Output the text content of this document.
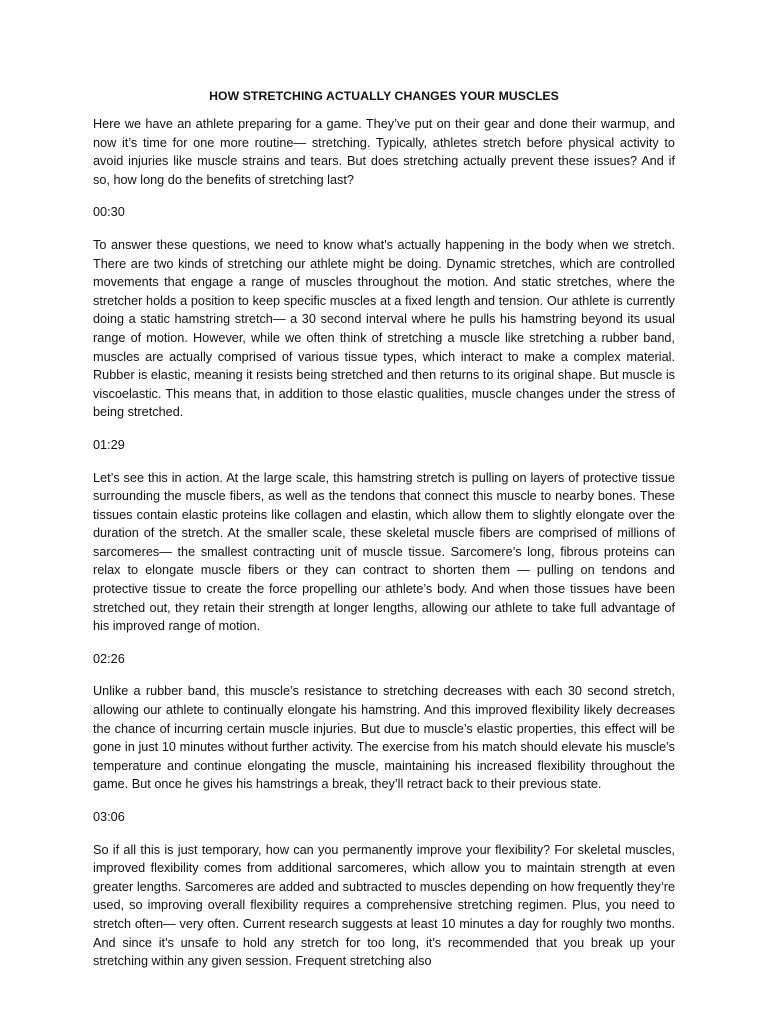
HOW STRETCHING ACTUALLY CHANGES YOUR MUSCLES

Here we have an athlete preparing for a game. They’ve put on their gear and done their warmup, and now it’s time for one more routine— stretching. Typically, athletes stretch before physical activity to avoid injuries like muscle strains and tears. But does stretching actually prevent these issues? And if so, how long do the benefits of stretching last?

00:30

To answer these questions, we need to know what's actually happening in the body when we stretch. There are two kinds of stretching our athlete might be doing. Dynamic stretches, which are controlled movements that engage a range of muscles throughout the motion. And static stretches, where the stretcher holds a position to keep specific muscles at a fixed length and tension. Our athlete is currently doing a static hamstring stretch— a 30 second interval where he pulls his hamstring beyond its usual range of motion. However, while we often think of stretching a muscle like stretching a rubber band, muscles are actually comprised of various tissue types, which interact to make a complex material. Rubber is elastic, meaning it resists being stretched and then returns to its original shape. But muscle is viscoelastic. This means that, in addition to those elastic qualities, muscle changes under the stress of being stretched.

01:29

Let’s see this in action. At the large scale, this hamstring stretch is pulling on layers of protective tissue surrounding the muscle fibers, as well as the tendons that connect this muscle to nearby bones. These tissues contain elastic proteins like collagen and elastin, which allow them to slightly elongate over the duration of the stretch. At the smaller scale, these skeletal muscle fibers are comprised of millions of sarcomeres— the smallest contracting unit of muscle tissue. Sarcomere’s long, fibrous proteins can relax to elongate muscle fibers or they can contract to shorten them — pulling on tendons and protective tissue to create the force propelling our athlete’s body. And when those tissues have been stretched out, they retain their strength at longer lengths, allowing our athlete to take full advantage of his improved range of motion.

02:26

Unlike a rubber band, this muscle’s resistance to stretching decreases with each 30 second stretch, allowing our athlete to continually elongate his hamstring. And this improved flexibility likely decreases the chance of incurring certain muscle injuries. But due to muscle’s elastic properties, this effect will be gone in just 10 minutes without further activity. The exercise from his match should elevate his muscle’s temperature and continue elongating the muscle, maintaining his increased flexibility throughout the game. But once he gives his hamstrings a break, they’ll retract back to their previous state.

03:06

So if all this is just temporary, how can you permanently improve your flexibility? For skeletal muscles, improved flexibility comes from additional sarcomeres, which allow you to maintain strength at even greater lengths. Sarcomeres are added and subtracted to muscles depending on how frequently they’re used, so improving overall flexibility requires a comprehensive stretching regimen. Plus, you need to stretch often— very often. Current research suggests at least 10 minutes a day for roughly two months. And since it's unsafe to hold any stretch for too long, it's recommended that you break up your stretching within any given session. Frequent stretching also
